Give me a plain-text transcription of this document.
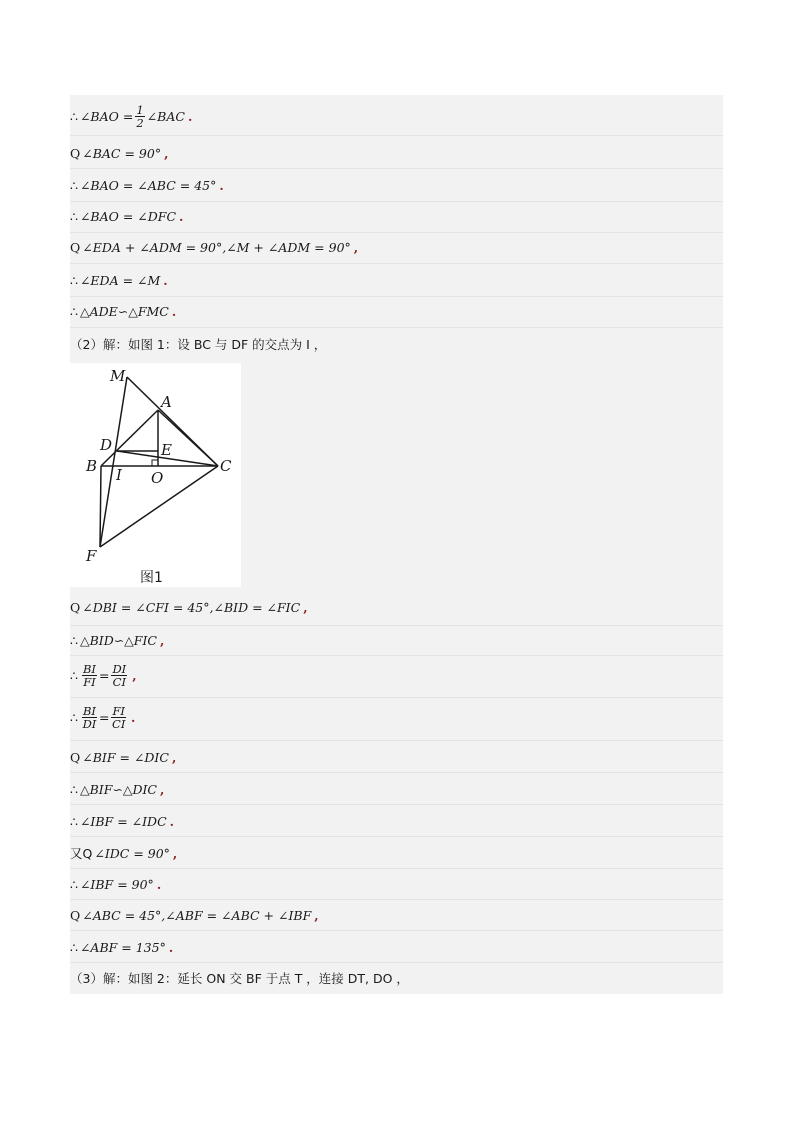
∴ ∠BAO = $\frac{1}{2}$ ∠BAC .
Q ∠BAC = 90° ,
∴ ∠BAO = ∠ABC = 45° .
∴ ∠BAO = ∠DFC .
Q ∠EDA + ∠ADM = 90°,∠M + ∠ADM = 90° ,
∴ ∠EDA = ∠M .
∴ △ADE∽△FMC .
（2）解：如图 1：设 BC 与 DF 的交点为 I ，
M
A
D	E
B I O
C
F
图1
Q ∠DBI = ∠CFI = 45°,∠BID = ∠FIC ,
∴ △BID∽△FIC ,
∴ $\frac{BI}{FI} = \frac{DI}{CI}$ ,
∴ $\frac{BI}{DI} = \frac{FI}{CI}$ .
Q ∠BIF = ∠DIC ,
∴ △BIF∽△DIC ,
∴ ∠IBF = ∠IDC .
又Q ∠IDC = 90° ,
∴ ∠IBF = 90° .
Q ∠ABC = 45°,∠ABF = ∠ABC + ∠IBF ,
∴ ∠ABF = 135° .
（3）解：如图 2：延长 ON 交 BF 于点 T ，连接 DT, DO ，
